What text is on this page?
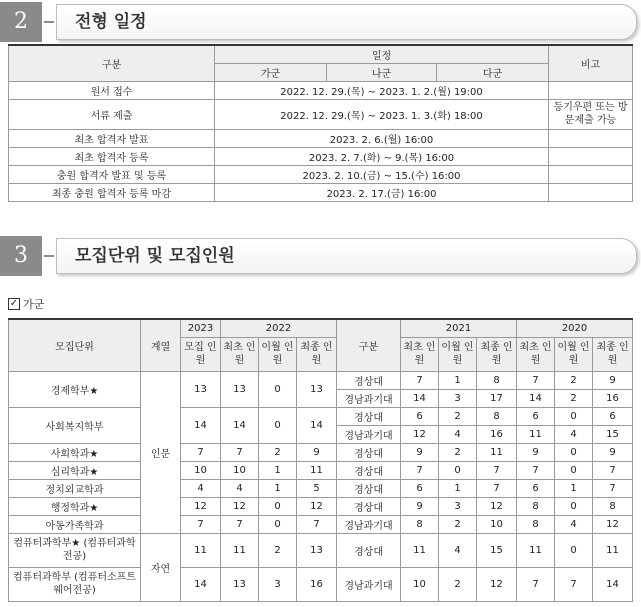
2	전형 일정
구분	일정			비고
	가군	나군	다군	
원서 접수	2022. 12. 29.(목) ~ 2023. 1. 2.(월) 19:00			
서류 제출	2022. 12. 29.(목) ~ 2023. 1. 3.(화) 18:00			등기우편 또는 방문제출 가능
최초 합격자 발표	2023. 2. 6.(월) 16:00			
최초 합격자 등록	2023. 2. 7.(화) ~ 9.(목) 16:00			
충원 합격자 발표 및 등록	2023. 2. 10.(금) ~ 15.(수) 16:00			
최종 충원 합격자 등록 마감	2023. 2. 17.(금) 16:00			
3	모집단위 및 모집인원
✓ 가군
모집단위	계열	2023	2022			구분	2021			2020		
		모집 인원	최초 인원	이월 인원	최종 인원		최초 인원	이월 인원	최종 인원	최초 인원	이월 인원	최종 인원
경제학부★	인문	13	13	0	13	경상대	7	1	8	7	2	9
						경남과기대	14	3	17	14	2	16
사회복지학부		14	14	0	14	경상대	6	2	8	6	0	6
						경남과기대	12	4	16	11	4	15
사회학과★		7	7	2	9	경상대	9	2	11	9	0	9
심리학과★		10	10	1	11	경상대	7	0	7	7	0	7
정치외교학과		4	4	1	5	경상대	6	1	7	6	1	7
행정학과★		12	12	0	12	경상대	9	3	12	8	0	8
아동가족학과		7	7	0	7	경남과기대	8	2	10	8	4	12
컴퓨터과학부★ (컴퓨터과학전공)	자연	11	11	2	13	경상대	11	4	15	11	0	11
컴퓨터과학부 (컴퓨터소프트웨어전공)		14	13	3	16	경남과기대	10	2	12	7	7	14
